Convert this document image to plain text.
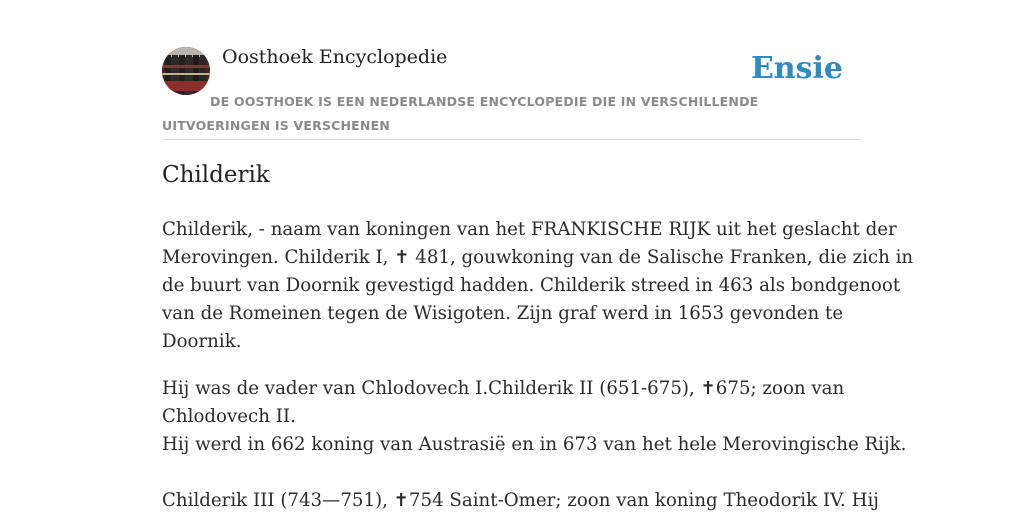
Oosthoek Encyclopedie	Ensie
DE OOSTHOEK IS EEN NEDERLANDSE ENCYCLOPEDIE DIE IN VERSCHILLENDE UITVOERINGEN IS VERSCHENEN
Childerik

Childerik, - naam van koningen van het FRANKISCHE RIJK uit het geslacht der
Merovingen. Childerik I, ✝ 481, gouwkoning van de Salische Franken, die zich in
de buurt van Doornik gevestigd hadden. Childerik streed in 463 als bondgenoot
van de Romeinen tegen de Wisigoten. Zijn graf werd in 1653 gevonden te
Doornik.

Hij was de vader van Chlodovech I.Childerik II (651-675), ✝675; zoon van
Chlodovech II.
Hij werd in 662 koning van Austrasië en in 673 van het hele Merovingische Rijk.
Childerik III (743—751), ✝754 Saint-Omer; zoon van koning Theodorik IV. Hij
